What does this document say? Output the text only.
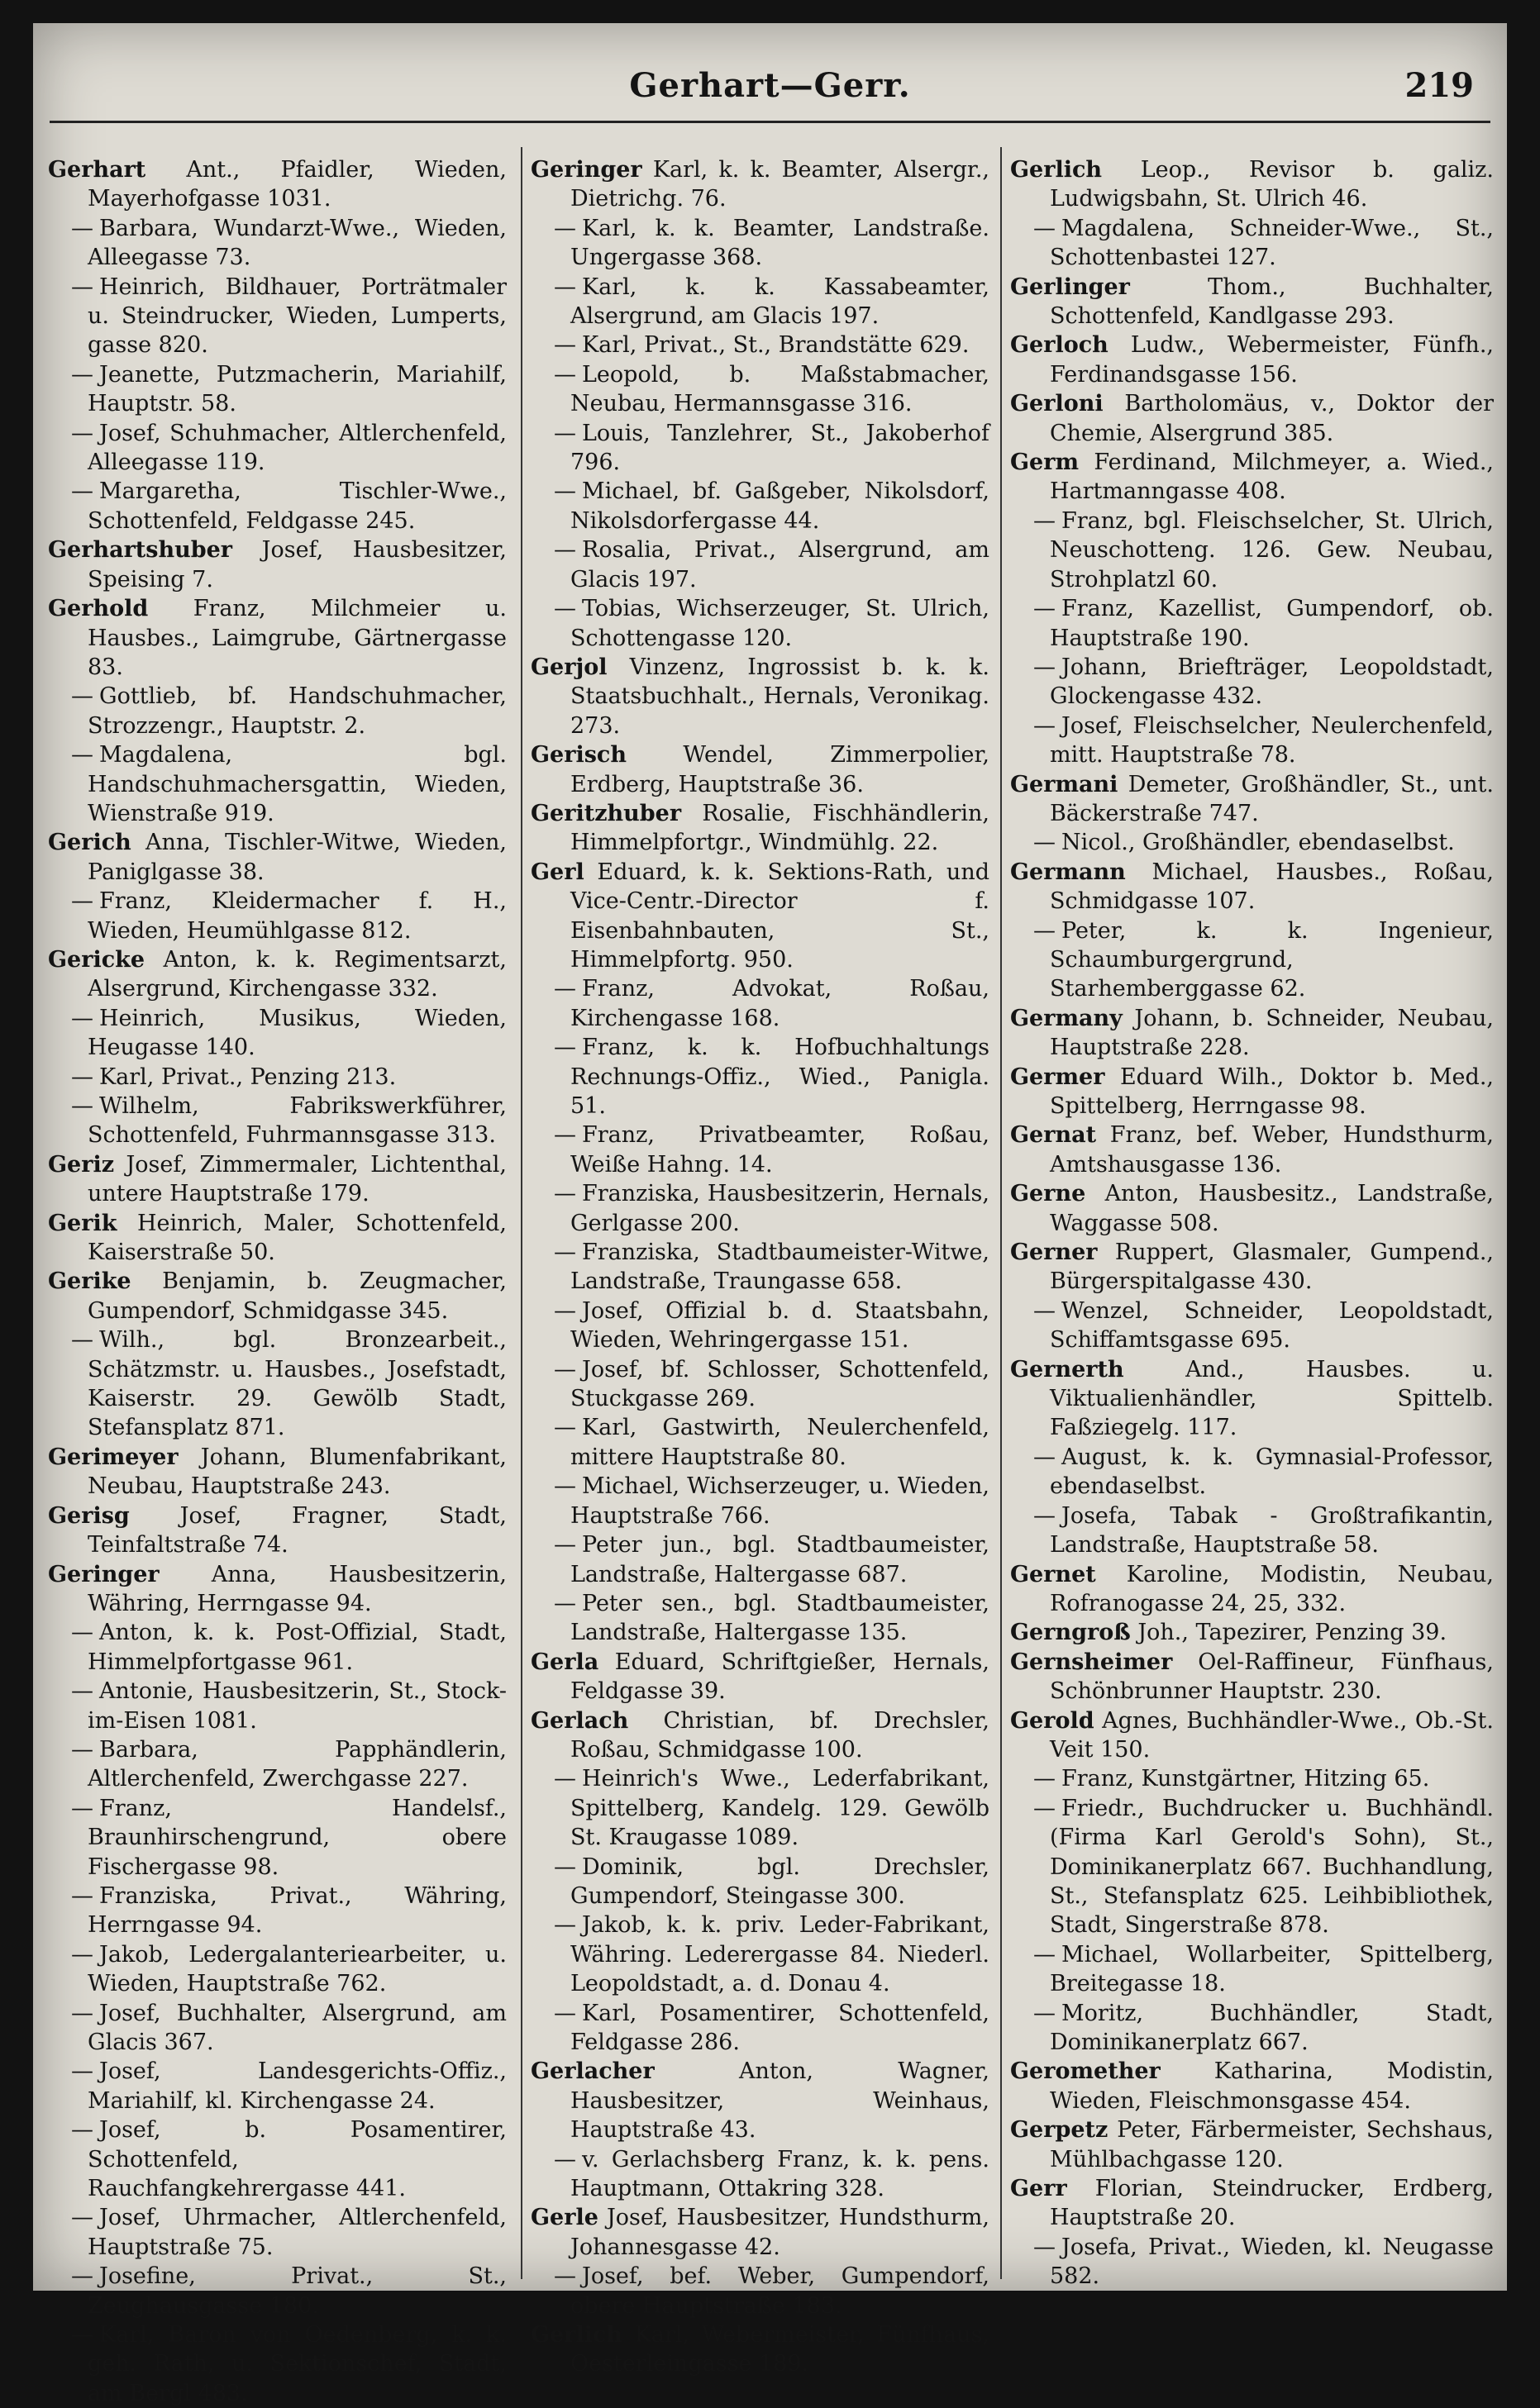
Gerhart—Gerr.	219

Gerhart Ant., Pfaidler, Wieden, Mayerhofgasse 1031.

— Barbara, Wundarzt-Wwe., Wieden, Alleegasse 73.

— Heinrich, Bildhauer, Porträtmaler u. Steindrucker, Wieden, Lumperts, gasse 820.

— Jeanette, Putzmacherin, Mariahilf, Hauptstr. 58.

— Josef, Schuhmacher, Altlerchenfeld, Alleegasse 119.

— Margaretha, Tischler-Wwe., Schottenfeld, Feldgasse 245.

Gerhartshuber Josef, Hausbesitzer, Speising 7.

Gerhold Franz, Milchmeier u. Hausbes., Laimgrube, Gärtnergasse 83.

— Gottlieb, bf. Handschuhmacher, Strozzengr., Hauptstr. 2.

— Magdalena, bgl. Handschuhmachersgattin, Wieden, Wienstraße 919.

Gerich Anna, Tischler-Witwe, Wieden, Paniglgasse 38.

— Franz, Kleidermacher f. H., Wieden, Heumühlgasse 812.

Gericke Anton, k. k. Regimentsarzt, Alsergrund, Kirchengasse 332.

— Heinrich, Musikus, Wieden, Heugasse 140.

— Karl, Privat., Penzing 213.

— Wilhelm, Fabrikswerkführer, Schottenfeld, Fuhrmannsgasse 313.

Geriz Josef, Zimmermaler, Lichtenthal, untere Hauptstraße 179.

Gerik Heinrich, Maler, Schottenfeld, Kaiserstraße 50.

Gerike Benjamin, b. Zeugmacher, Gumpendorf, Schmidgasse 345.

— Wilh., bgl. Bronzearbeit., Schätzmstr. u. Hausbes., Josefstadt, Kaiserstr. 29. Gewölb Stadt, Stefansplatz 871.

Gerimeyer Johann, Blumenfabrikant, Neubau, Hauptstraße 243.

Gerisg Josef, Fragner, Stadt, Teinfaltstraße 74.

Geringer Anna, Hausbesitzerin, Währing, Herrngasse 94.

— Anton, k. k. Post-Offizial, Stadt, Himmelpfortgasse 961.

— Antonie, Hausbesitzerin, St., Stock-im-Eisen 1081.

— Barbara, Papphändlerin, Altlerchenfeld, Zwerchgasse 227.

— Franz, Handelsf., Braunhirschengrund, obere Fischergasse 98.

— Franziska, Privat., Währing, Herrngasse 94.

— Jakob, Ledergalanteriearbeiter, u. Wieden, Hauptstraße 762.

— Josef, Buchhalter, Alsergrund, am Glacis 367.

— Josef, Landesgerichts-Offiz., Mariahilf, kl. Kirchengasse 24.

— Josef, b. Posamentirer, Schottenfeld, Rauchfangkehrergasse 441.

— Josef, Uhrmacher, Altlerchenfeld, Hauptstraße 75.

— Josefine, Privat., St., Zeughausgasse 180.

— Karl, Baron von Oedenberg, k. k. geh. Rath, u. Sektionschef, Stadt, am Bergl 483.

Geringer Karl, k. k. Beamter, Alsergr., Dietrichg. 76.

— Karl, k. k. Beamter, Landstraße. Ungergasse 368.

— Karl, k. k. Kassabeamter, Alsergrund, am Glacis 197.

— Karl, Privat., St., Brandstätte 629.

— Leopold, b. Maßstabmacher, Neubau, Hermannsgasse 316.

— Louis, Tanzlehrer, St., Jakoberhof 796.

— Michael, bf. Gaßgeber, Nikolsdorf, Nikolsdorfergasse 44.

— Rosalia, Privat., Alsergrund, am Glacis 197.

— Tobias, Wichserzeuger, St. Ulrich, Schottengasse 120.

Gerjol Vinzenz, Ingrossist b. k. k. Staatsbuchhalt., Hernals, Veronikag. 273.

Gerisch	Wendel, Zimmerpolier, Erdberg, Hauptstraße 36.

Geritzhuber Rosalie, Fischhändlerin, Himmelpfortgr., Windmühlg. 22.

Gerl Eduard, k. k. Sektions-Rath, und Vice-Centr.-Director f. Eisenbahnbauten, St., Himmelpfortg. 950.

— Franz, Advokat, Roßau, Kirchengasse 168.

— Franz, k. k. Hofbuchhaltungs Rechnungs-Offiz., Wied., Panigla. 51.

— Franz, Privatbeamter, Roßau, Weiße Hahng. 14.

— Franziska, Hausbesitzerin, Hernals, Gerlgasse 200.

— Franziska, Stadtbaumeister-Witwe, Landstraße, Traungasse 658.

— Josef, Offizial b. d. Staatsbahn, Wieden, Wehringergasse 151.

— Josef, bf. Schlosser, Schottenfeld, Stuckgasse 269.

— Karl, Gastwirth, Neulerchenfeld, mittere Hauptstraße 80.

— Michael, Wichserzeuger, u. Wieden, Hauptstraße 766.

— Peter jun., bgl. Stadtbaumeister, Landstraße, Haltergasse 687.

— Peter sen., bgl. Stadtbaumeister, Landstraße, Haltergasse 135.

Gerla Eduard, Schriftgießer, Hernals, Feldgasse 39.

Gerlach Christian, bf. Drechsler, Roßau, Schmidgasse 100.

— Heinrich's Wwe., Lederfabrikant, Spittelberg, Kandelg. 129. Gewölb St. Kraugasse 1089.

— Dominik, bgl. Drechsler, Gumpendorf, Steingasse 300.

— Jakob, k. k. priv. Leder-Fabrikant, Währing. Lederergasse 84. Niederl. Leopoldstadt, a. d. Donau 4.

— Karl, Posamentirer, Schottenfeld, Feldgasse 286.

Gerlacher	Anton, Wagner, Hausbesitzer, Weinhaus, Hauptstraße 43.

— v. Gerlachsberg Franz, k. k. pens. Hauptmann, Ottakring 328.

Gerle Josef, Hausbesitzer, Hundsthurm, Johannesgasse 42.

— Josef, bef. Weber, Gumpendorf, obere Hauptstraße 183.

Gerlich Karl, Webermeister, Fünfhaus, Oesterleingasse 189.

Gerlich Leop., Revisor b. galiz. Ludwigsbahn, St. Ulrich 46.

— Magdalena, Schneider-Wwe., St., Schottenbastei 127.

Gerlinger	Thom., Buchhalter, Schottenfeld, Kandlgasse 293.

Gerloch Ludw., Webermeister, Fünfh., Ferdinandsgasse 156.

Gerloni Bartholomäus, v., Doktor der Chemie, Alsergrund 385.

Germ Ferdinand, Milchmeyer, a. Wied., Hartmanngasse 408.

— Franz, bgl. Fleischselcher, St. Ulrich, Neuschotteng. 126. Gew. Neubau, Strohplatzl 60.

— Franz, Kazellist, Gumpendorf, ob. Hauptstraße 190.

— Johann, Briefträger, Leopoldstadt, Glockengasse 432.

— Josef, Fleischselcher, Neulerchenfeld, mitt. Hauptstraße 78.

Germani Demeter, Großhändler, St., unt. Bäckerstraße 747.

— Nicol., Großhändler, ebendaselbst.

Germann Michael, Hausbes., Roßau, Schmidgasse 107.

— Peter, k. k. Ingenieur, Schaumburgergrund, Starhemberggasse 62.

Germany Johann, b. Schneider, Neubau, Hauptstraße 228.

Germer Eduard Wilh., Doktor b. Med., Spittelberg, Herrngasse 98.

Gernat Franz, bef. Weber, Hundsthurm, Amtshausgasse 136.

Gerne Anton, Hausbesitz., Landstraße, Waggasse 508.

Gerner Ruppert, Glasmaler, Gumpend., Bürgerspitalgasse 430.

— Wenzel, Schneider, Leopoldstadt, Schiffamtsgasse 695.

Gernerth	And., Hausbes. u. Viktualienhändler, Spittelb. Faßziegelg. 117.

— August, k. k. Gymnasial-Professor, ebendaselbst.

— Josefa, Tabak - Großtrafikantin, Landstraße, Hauptstraße 58.

Gernet Karoline, Modistin, Neubau, Rofranogasse 24, 25, 332.

Gerngroß Joh., Tapezirer, Penzing 39.

Gernsheimer Oel-Raffineur, Fünfhaus, Schönbrunner Hauptstr. 230.

Gerold Agnes, Buchhändler-Wwe., Ob.-St. Veit 150.

— Franz, Kunstgärtner, Hitzing 65.

— Friedr., Buchdrucker u. Buchhändl. (Firma Karl Gerold's Sohn), St., Dominikanerplatz 667. Buchhandlung, St., Stefansplatz 625. Leihbibliothek, Stadt, Singerstraße 878.

— Michael, Wollarbeiter, Spittelberg, Breitegasse 18.

— Moritz, Buchhändler, Stadt, Dominikanerplatz 667.

Geromether Katharina, Modistin, Wieden, Fleischmonsgasse 454.

Gerpetz Peter, Färbermeister, Sechshaus, Mühlbachgasse 120.

Gerr Florian, Steindrucker, Erdberg, Hauptstraße 20.

— Josefa, Privat., Wieden, kl. Neugasse 582.
